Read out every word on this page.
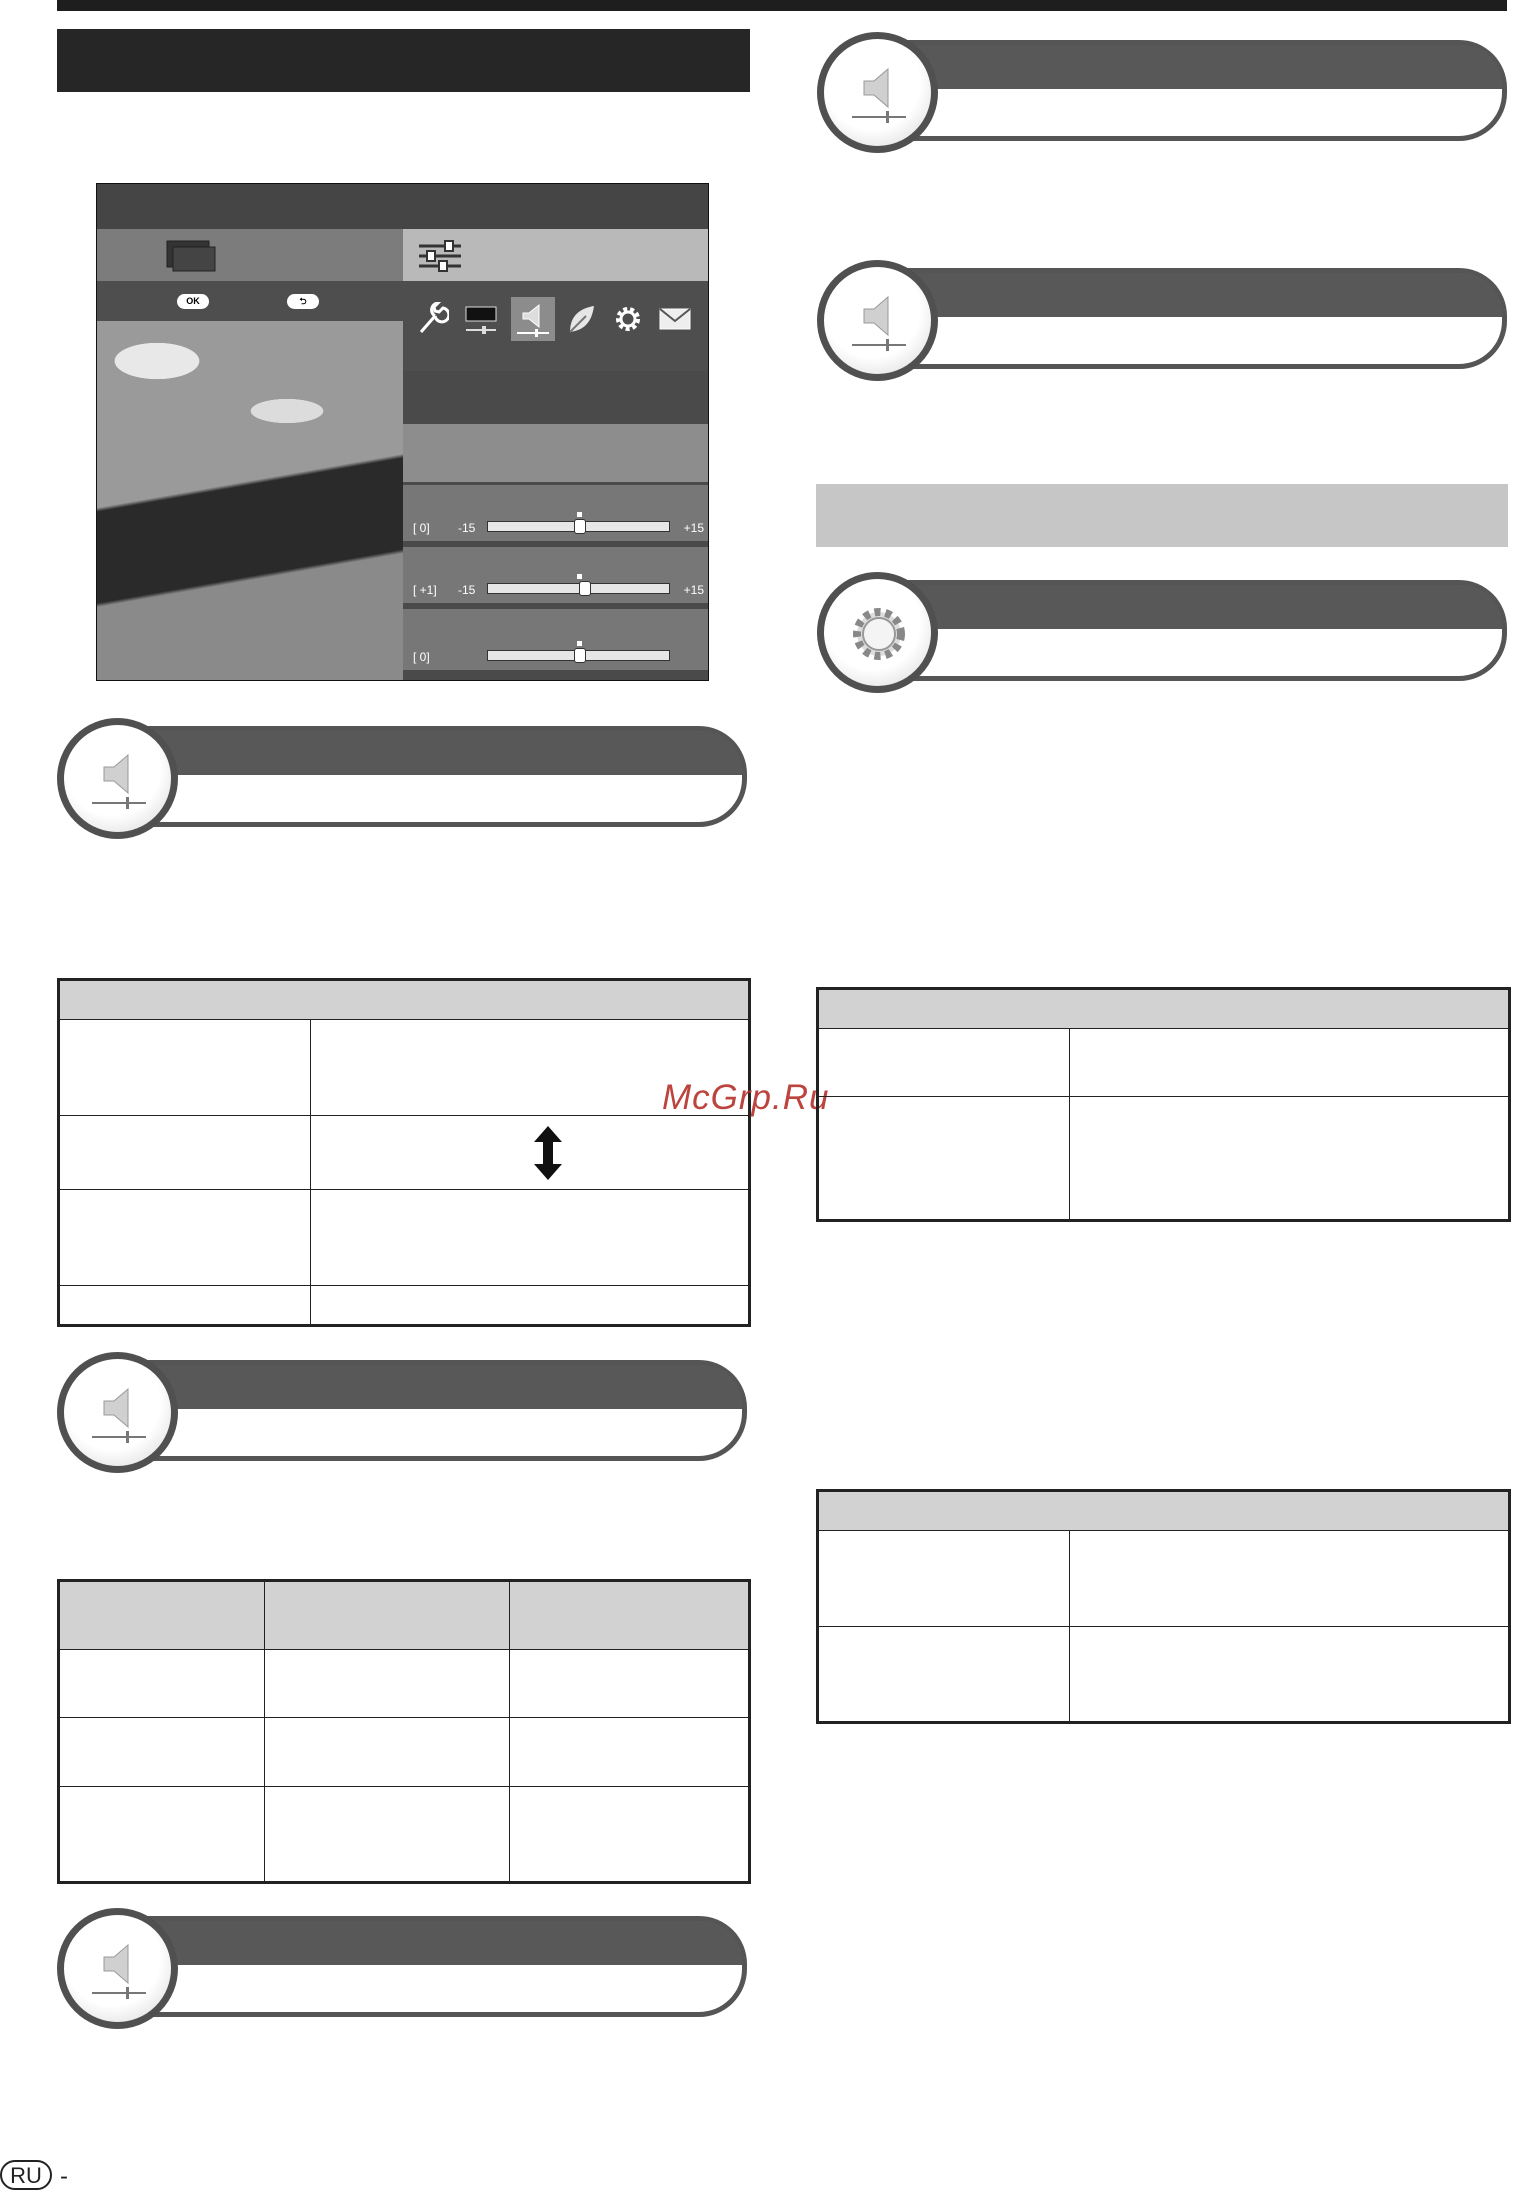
OK	⮌
[ 0] -15	+15
[ +1] -15	+15
[ 0]

McGrp.Ru

RU -
